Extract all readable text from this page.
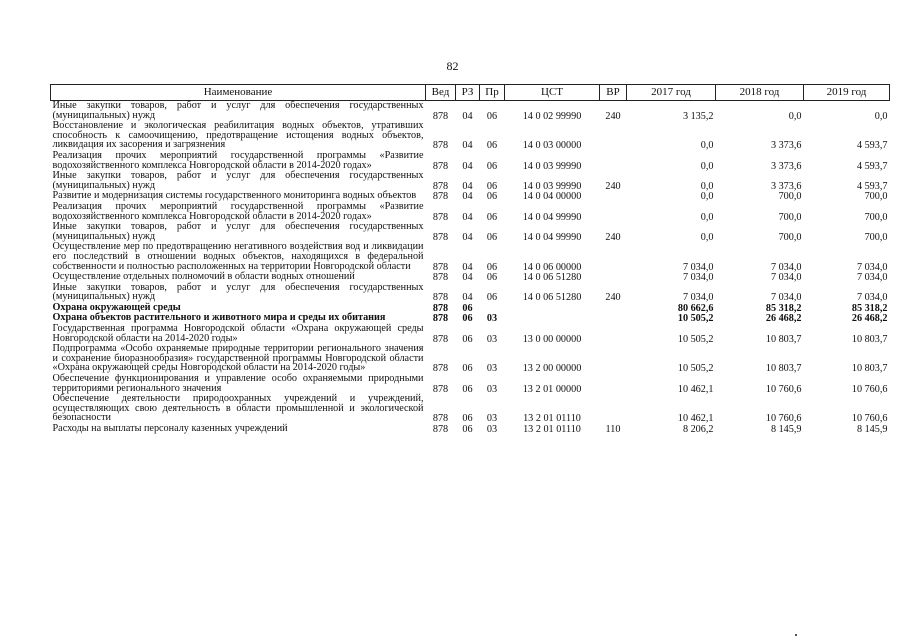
82
Наименование	Вед	РЗ	Пр	ЦСТ	ВР	2017 год	2018 год	2019 год
Иные закупки товаров, работ и услуг для обеспечения государственных (муниципальных) нужд	878	04	06	14 0 02 99990	240	3 135,2	0,0	0,0
Восстановление и экологическая реабилитация водных объектов, утративших способность к самоочищению, предотвращение истощения водных объектов, ликвидация их засорения и загрязнения	878	04	06	14 0 03 00000		0,0	3 373,6	4 593,7
Реализация прочих мероприятий государственной программы «Развитие водохозяйственного комплекса Новгородской области в 2014-2020 годах»	878	04	06	14 0 03 99990		0,0	3 373,6	4 593,7
Иные закупки товаров, работ и услуг для обеспечения государственных (муниципальных) нужд	878	04	06	14 0 03 99990	240	0,0	3 373,6	4 593,7
Развитие и модернизация системы государственного мониторинга водных объектов	878	04	06	14 0 04 00000		0,0	700,0	700,0
Реализация прочих мероприятий государственной программы «Развитие водохозяйственного комплекса Новгородской области в 2014-2020 годах»	878	04	06	14 0 04 99990		0,0	700,0	700,0
Иные закупки товаров, работ и услуг для обеспечения государственных (муниципальных) нужд	878	04	06	14 0 04 99990	240	0,0	700,0	700,0
Осуществление мер по предотвращению негативного воздействия вод и ликвидации его последствий в отношении водных объектов, находящихся в федеральной собственности и полностью расположенных на территории Новгородской области	878	04	06	14 0 06 00000		7 034,0	7 034,0	7 034,0
Осуществление отдельных полномочий в области водных отношений	878	04	06	14 0 06 51280		7 034,0	7 034,0	7 034,0
Иные закупки товаров, работ и услуг для обеспечения государственных (муниципальных) нужд	878	04	06	14 0 06 51280	240	7 034,0	7 034,0	7 034,0
Охрана окружающей среды	878	06				80 662,6	85 318,2	85 318,2
Охрана объектов растительного и животного мира и среды их обитания	878	06	03			10 505,2	26 468,2	26 468,2
Государственная программа Новгородской области «Охрана окружающей среды Новгородской области на 2014-2020 годы»	878	06	03	13 0 00 00000		10 505,2	10 803,7	10 803,7
Подпрограмма «Особо охраняемые природные территории регионального значения и сохранение биоразнообразия» государственной программы Новгородской области «Охрана окружающей среды Новгородской области на 2014-2020 годы»	878	06	03	13 2 00 00000		10 505,2	10 803,7	10 803,7
Обеспечение функционирования и управление особо охраняемыми природными территориями регионального значения	878	06	03	13 2 01 00000		10 462,1	10 760,6	10 760,6
Обеспечение деятельности природоохранных учреждений и учреждений, осуществляющих свою деятельность в области промышленной и экологической безопасности	878	06	03	13 2 01 01110		10 462,1	10 760,6	10 760,6
Расходы на выплаты персоналу казенных учреждений	878	06	03	13 2 01 01110	110	8 206,2	8 145,9	8 145,9
